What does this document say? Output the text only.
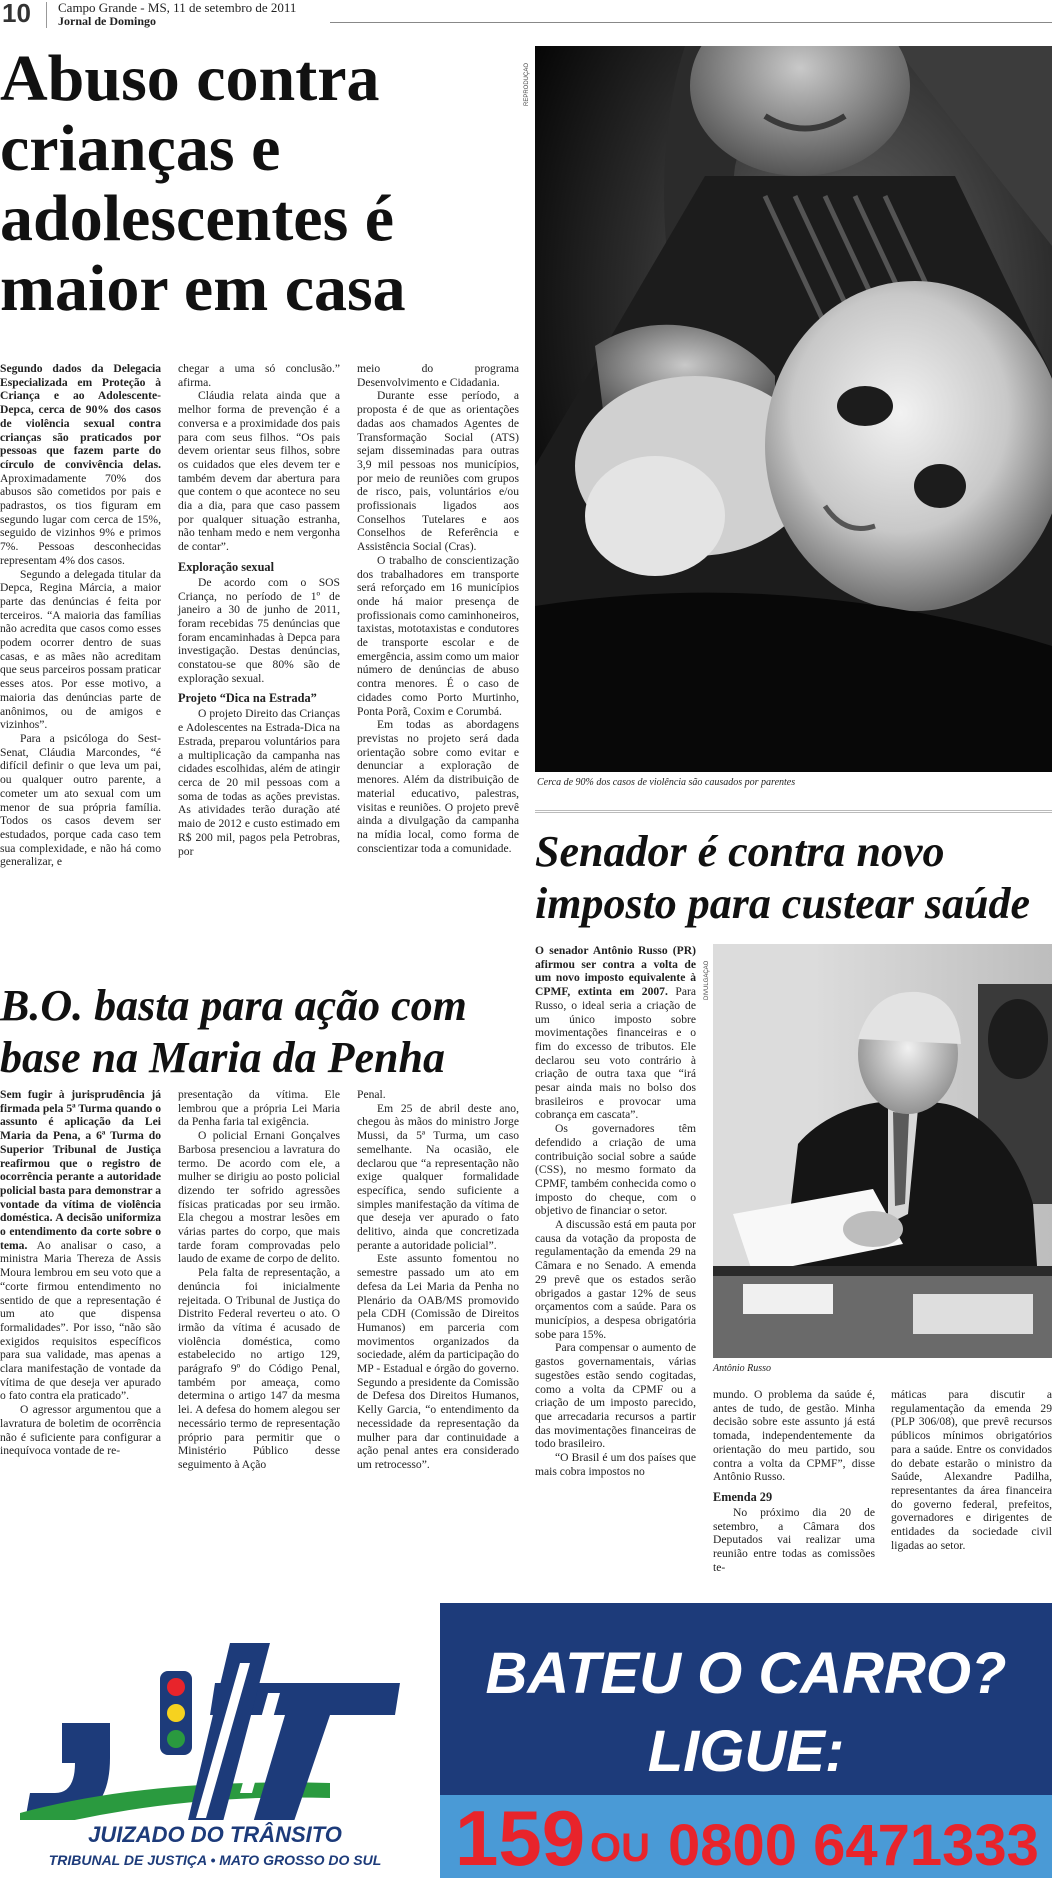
10 Campo Grande - MS, 11 de setembro de 2011
Jornal de Domingo
Abuso contra crianças e adolescentes é maior em casa

Segundo dados da Delegacia Especializada em Proteção à Criança e ao Adolescente-Depca, cerca de 90% dos casos de violência sexual contra crianças são praticados por pessoas que fazem parte do círculo de convivência delas. Aproximadamente 70% dos abusos são cometidos por pais e padrastos, os tios figuram em segundo lugar com cerca de 15%, seguido de vizinhos 9% e primos 7%. Pessoas desconhecidas representam 4% dos casos.

Segundo a delegada titular da Depca, Regina Márcia, a maior parte das denúncias é feita por terceiros. “A maioria das famílias não acredita que casos como esses podem ocorrer dentro de suas casas, e as mães não acreditam que seus parceiros possam praticar esses atos. Por esse motivo, a maioria das denúncias parte de anônimos, ou de amigos e vizinhos”.

Para a psicóloga do Sest-Senat, Cláudia Marcondes, “é difícil definir o que leva um pai, ou qualquer outro parente, a cometer um ato sexual com um menor de sua própria família. Todos os casos devem ser estudados, porque cada caso tem sua complexidade, e não há como generalizar, e

chegar a uma só conclusão.” afirma.

Cláudia relata ainda que a melhor forma de prevenção é a conversa e a proximidade dos pais para com seus filhos. “Os pais devem orientar seus filhos, sobre os cuidados que eles devem ter e também devem dar abertura para que contem o que acontece no seu dia a dia, para que caso passem por qualquer situação estranha, não tenham medo e nem vergonha de contar”.

Exploração sexual

De acordo com o SOS Criança, no período de 1º de janeiro a 30 de junho de 2011, foram recebidas 75 denúncias que foram encaminhadas à Depca para investigação. Destas denúncias, constatou-se que 80% são de exploração sexual.

Projeto “Dica na Estrada”

O projeto Direito das Crianças e Adolescentes na Estrada-Dica na Estrada, preparou voluntários para a multiplicação da campanha nas cidades escolhidas, além de atingir cerca de 20 mil pessoas com a soma de todas as ações previstas. As atividades terão duração até maio de 2012 e custo estimado em R$ 200 mil, pagos pela Petrobras, por

meio do programa Desenvolvimento e Cidadania.

Durante esse período, a proposta é de que as orientações dadas aos chamados Agentes de Transformação Social (ATS) sejam disseminadas para outras 3,9 mil pessoas nos municípios, por meio de reuniões com grupos de risco, pais, voluntários e/ou profissionais ligados aos Conselhos Tutelares e aos Conselhos de Referência e Assistência Social (Cras).

O trabalho de conscientização dos trabalhadores em transporte será reforçado em 16 municípios onde há maior presença de profissionais como caminhoneiros, taxistas, mototaxistas e condutores de transporte escolar e de emergência, assim como um maior número de denúncias de abuso contra menores. É o caso de cidades como Porto Murtinho, Ponta Porã, Coxim e Corumbá.

Em todas as abordagens previstas no projeto será dada orientação sobre como evitar e denunciar a exploração de menores. Além da distribuição de material educativo, palestras, visitas e reuniões. O projeto prevê ainda a divulgação da campanha na mídia local, como forma de conscientizar toda a comunidade.

REPRODUÇÃO
Cerca de 90% dos casos de violência são causados por parentes
Senador é contra novo imposto para custear saúde

O senador Antônio Russo (PR) afirmou ser contra a volta de um novo imposto equivalente à CPMF, extinta em 2007. Para Russo, o ideal seria a criação de um único imposto sobre movimentações financeiras e o fim do excesso de tributos. Ele declarou seu voto contrário à criação de outra taxa que “irá pesar ainda mais no bolso dos brasileiros e provocar uma cobrança em cascata”.

Os governadores têm defendido a criação de uma contribuição social sobre a saúde (CSS), no mesmo formato da CPMF, também conhecida como o imposto do cheque, com o objetivo de financiar o setor.

A discussão está em pauta por causa da votação da proposta de regulamentação da emenda 29 na Câmara e no Senado. A emenda 29 prevê que os estados serão obrigados a gastar 12% de seus orçamentos com a saúde. Para os municípios, a despesa obrigatória sobe para 15%.

Para compensar o aumento de gastos governamentais, várias sugestões estão sendo cogitadas, como a volta da CPMF ou a criação de um imposto parecido, que arrecadaria recursos a partir das movimentações financeiras de todo brasileiro.

“O Brasil é um dos países que mais cobra impostos no

DIVULGAÇÃO
Antônio Russo

mundo. O problema da saúde é, antes de tudo, de gestão. Minha decisão sobre este assunto já está tomada, independentemente da orientação do meu partido, sou contra a volta da CPMF”, disse Antônio Russo.

Emenda 29

No próximo dia 20 de setembro, a Câmara dos Deputados vai realizar uma reunião entre todas as comissões te-

máticas para discutir a regulamentação da emenda 29 (PLP 306/08), que prevê recursos públicos mínimos obrigatórios para a saúde. Entre os convidados do debate estarão o ministro da Saúde, Alexandre Padilha, representantes da área financeira do governo federal, prefeitos, governadores e dirigentes de entidades da sociedade civil ligadas ao setor.

B.O. basta para ação com base na Maria da Penha

Sem fugir à jurisprudência já firmada pela 5ª Turma quando o assunto é aplicação da Lei Maria da Pena, a 6ª Turma do Superior Tribunal de Justiça reafirmou que o registro de ocorrência perante a autoridade policial basta para demonstrar a vontade da vítima de violência doméstica. A decisão uniformiza o entendimento da corte sobre o tema. Ao analisar o caso, a ministra Maria Thereza de Assis Moura lembrou em seu voto que a “corte firmou entendimento no sentido de que a representação é um ato que dispensa formalidades”. Por isso, “não são exigidos requisitos específicos para sua validade, mas apenas a clara manifestação de vontade da vítima de que deseja ver apurado o fato contra ela praticado”.

O agressor argumentou que a lavratura de boletim de ocorrência não é suficiente para configurar a inequívoca vontade de re-

presentação da vítima. Ele lembrou que a própria Lei Maria da Penha faria tal exigência.

O policial Ernani Gonçalves Barbosa presenciou a lavratura do termo. De acordo com ele, a mulher se dirigiu ao posto policial dizendo ter sofrido agressões físicas praticadas por seu irmão. Ela chegou a mostrar lesões em várias partes do corpo, que mais tarde foram comprovadas pelo laudo de exame de corpo de delito.

Pela falta de representação, a denúncia foi inicialmente rejeitada. O Tribunal de Justiça do Distrito Federal reverteu o ato. O irmão da vítima é acusado de violência doméstica, como estabelecido no artigo 129, parágrafo 9º do Código Penal, também por ameaça, como determina o artigo 147 da mesma lei. A defesa do homem alegou ser necessário termo de representação próprio para permitir que o Ministério Público desse seguimento à Ação

Penal.

Em 25 de abril deste ano, chegou às mãos do ministro Jorge Mussi, da 5ª Turma, um caso semelhante. Na ocasião, ele declarou que “a representação não exige qualquer formalidade específica, sendo suficiente a simples manifestação da vítima de que deseja ver apurado o fato delitivo, ainda que concretizada perante a autoridade policial”.

Este assunto fomentou no semestre passado um ato em defesa da Lei Maria da Penha no Plenário da OAB/MS promovido pela CDH (Comissão de Direitos Humanos) em parceria com movimentos organizados da sociedade, além da participação do MP - Estadual e órgão do governo. Segundo a presidente da Comissão de Defesa dos Direitos Humanos, Kelly Garcia, “o entendimento da necessidade da representação da mulher para dar continuidade a ação penal antes era considerado um retrocesso”.

JUIZADO DO TRÂNSITO
TRIBUNAL DE JUSTIÇA • MATO GROSSO DO SUL
BATEU O CARRO?
LIGUE:
159 OU 0800 6471333
